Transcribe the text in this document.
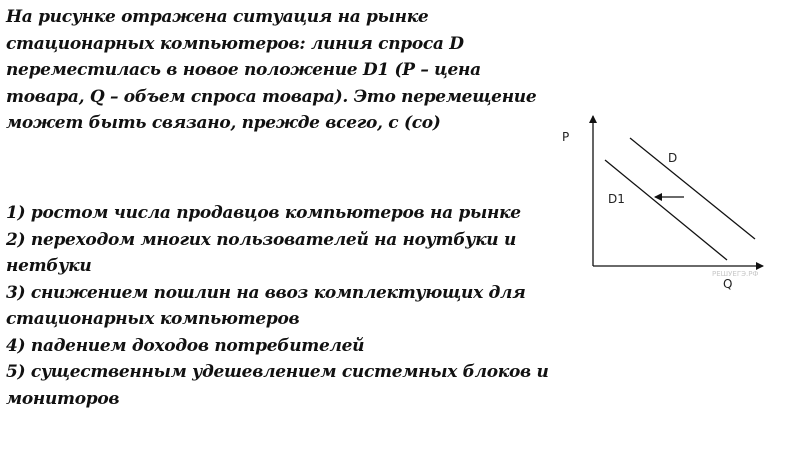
На рисунке отражена ситуация на рынке стационарных компьютеров: линия спроса D переместилась в новое положение D1 (P – цена товара, Q – объем спроса товара). Это перемещение может быть связано, прежде всего, с (со)
1) ростом числа продавцов компьютеров на рынке
2) переходом многих пользователей на ноутбуки и нетбуки
3) снижением пошлин на ввоз комплектующих для стационарных компьютеров
4) падением доходов потребителей
5) существенным удешевлением системных блоков и мониторов
P
Q
D
D1
РЕШУЕГЭ.РФ
